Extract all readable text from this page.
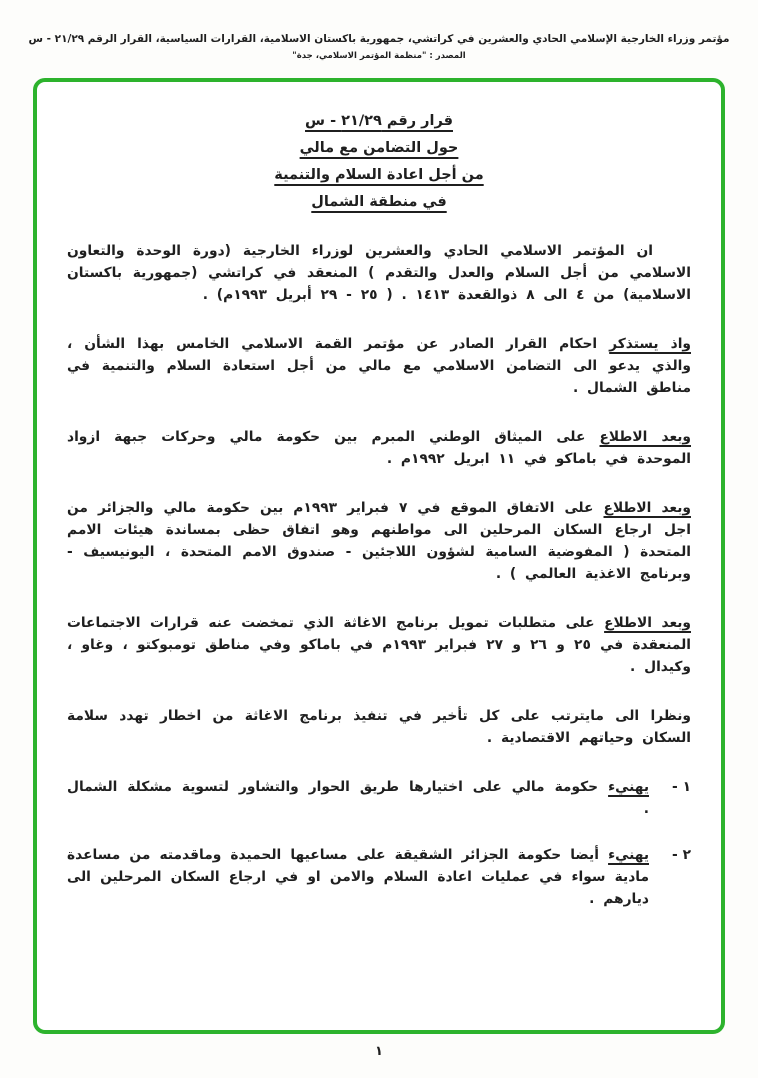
مؤتمر وزراء الخارجية الإسلامي الحادي والعشرين في كراتشي، جمهورية باكستان الاسلامية، القرارات السياسية، القرار الرقم ٢١/٢٩ - س
المصدر : "منظمة المؤتمر الاسلامي، جدة"
قرار رقم ٢١/٢٩ - س
حول التضامن مع مالي
من أجل اعادة السلام والتنمية
في منطقة الشمال

ان المؤتمر الاسلامي الحادي والعشرين لوزراء الخارجية (دورة الوحدة والتعاون الاسلامي من أجل السلام والعدل والتقدم ) المنعقد في كراتشي (جمهورية باكستان الاسلامية) من ٤ الى ٨ ذوالقعدة ١٤١٣ . ( ٢٥ - ٢٩ أبريل ١٩٩٣م) .

واذ يستذكر احكام القرار الصادر عن مؤتمر القمة الاسلامي الخامس بهذا الشأن ، والذي يدعو الى التضامن الاسلامي مع مالي من أجل استعادة السلام والتنمية في مناطق الشمال .

وبعد الاطلاع على الميثاق الوطني المبرم بين حكومة مالي وحركات جبهة ازواد الموحدة في باماكو في ١١ ابريل ١٩٩٢م .

وبعد الاطلاع على الاتفاق الموقع في ٧ فبراير ١٩٩٣م بين حكومة مالي والجزائر من اجل ارجاع السكان المرحلين الى مواطنهم وهو اتفاق حظى بمساندة هيئات الامم المتحدة ( المفوضية السامية لشؤون اللاجئين - صندوق الامم المتحدة ، اليونيسيف - وبرنامج الاغذية العالمي ) .

وبعد الاطلاع على متطلبات تمويل برنامج الاغاثة الذي تمخضت عنه قرارات الاجتماعات المنعقدة في ٢٥ و ٢٦ و ٢٧ فبراير ١٩٩٣م في باماكو وفي مناطق تومبوكتو ، وغاو ، وكيدال .

ونظرا الى مايترتب على كل تأخير في تنفيذ برنامج الاغاثة من اخطار تهدد سلامة السكان وحياتهم الاقتصادية .

١ -

يهنيء حكومة مالي على اختيارها طريق الحوار والتشاور لتسوية مشكلة الشمال .

٢ -

يهنيء أيضا حكومة الجزائر الشقيقة على مساعيها الحميدة وماقدمته من مساعدة مادية سواء في عمليات اعادة السلام والامن او في ارجاع السكان المرحلين الى ديارهم .

١
